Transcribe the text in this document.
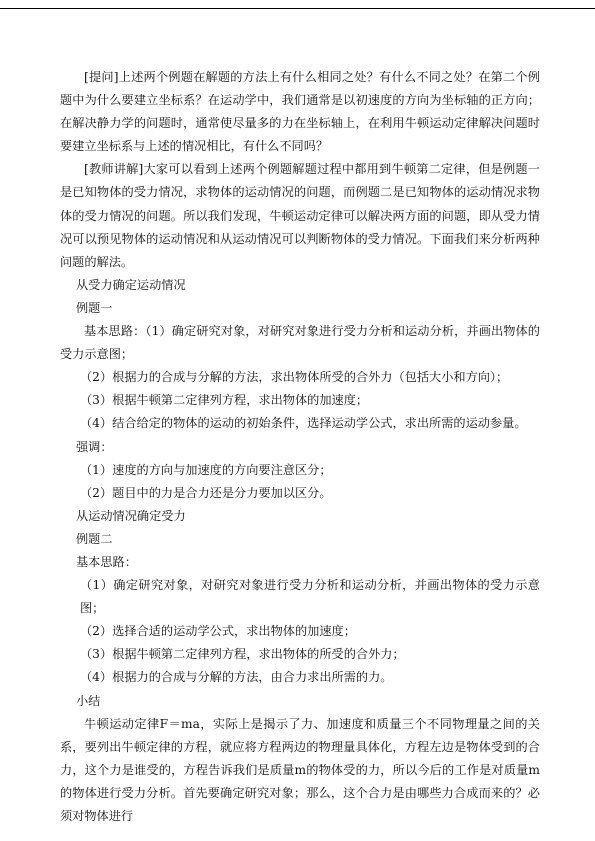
[提问]上述两个例题在解题的方法上有什么相同之处？有什么不同之处？在第二个例题中为什么要建立坐标系？在运动学中，我们通常是以初速度的方向为坐标轴的正方向；在解决静力学的问题时，通常使尽量多的力在坐标轴上，在利用牛顿运动定律解决问题时要建立坐标系与上述的情况相比，有什么不同吗？

[教师讲解]大家可以看到上述两个例题解题过程中都用到牛顿第二定律，但是例题一是已知物体的受力情况，求物体的运动情况的问题，而例题二是已知物体的运动情况求物体的受力情况的问题。所以我们发现，牛顿运动定律可以解决两方面的问题，即从受力情况可以预见物体的运动情况和从运动情况可以判断物体的受力情况。下面我们来分析两种问题的解法。

从受力确定运动情况

例题一

基本思路：（1）确定研究对象，对研究对象进行受力分析和运动分析，并画出物体的受力示意图；

（2）根据力的合成与分解的方法，求出物体所受的合外力（包括大小和方向）；

（3）根据牛顿第二定律列方程，求出物体的加速度；

（4）结合给定的物体的运动的初始条件，选择运动学公式，求出所需的运动参量。

强调：

（1）速度的方向与加速度的方向要注意区分；

（2）题目中的力是合力还是分力要加以区分。

从运动情况确定受力

例题二

基本思路：

（1）确定研究对象，对研究对象进行受力分析和运动分析，并画出物体的受力示意图；

（2）选择合适的运动学公式，求出物体的加速度；

（3）根据牛顿第二定律列方程，求出物体的所受的合外力；

（4）根据力的合成与分解的方法，由合力求出所需的力。

小结

牛顿运动定律F＝ma，实际上是揭示了力、加速度和质量三个不同物理量之间的关系，要列出牛顿定律的方程，就应将方程两边的物理量具体化，方程左边是物体受到的合力，这个力是谁受的，方程告诉我们是质量m的物体受的力，所以今后的工作是对质量m的物体进行受力分析。首先要确定研究对象；那么，这个合力是由哪些力合成而来的？必须对物体进行
